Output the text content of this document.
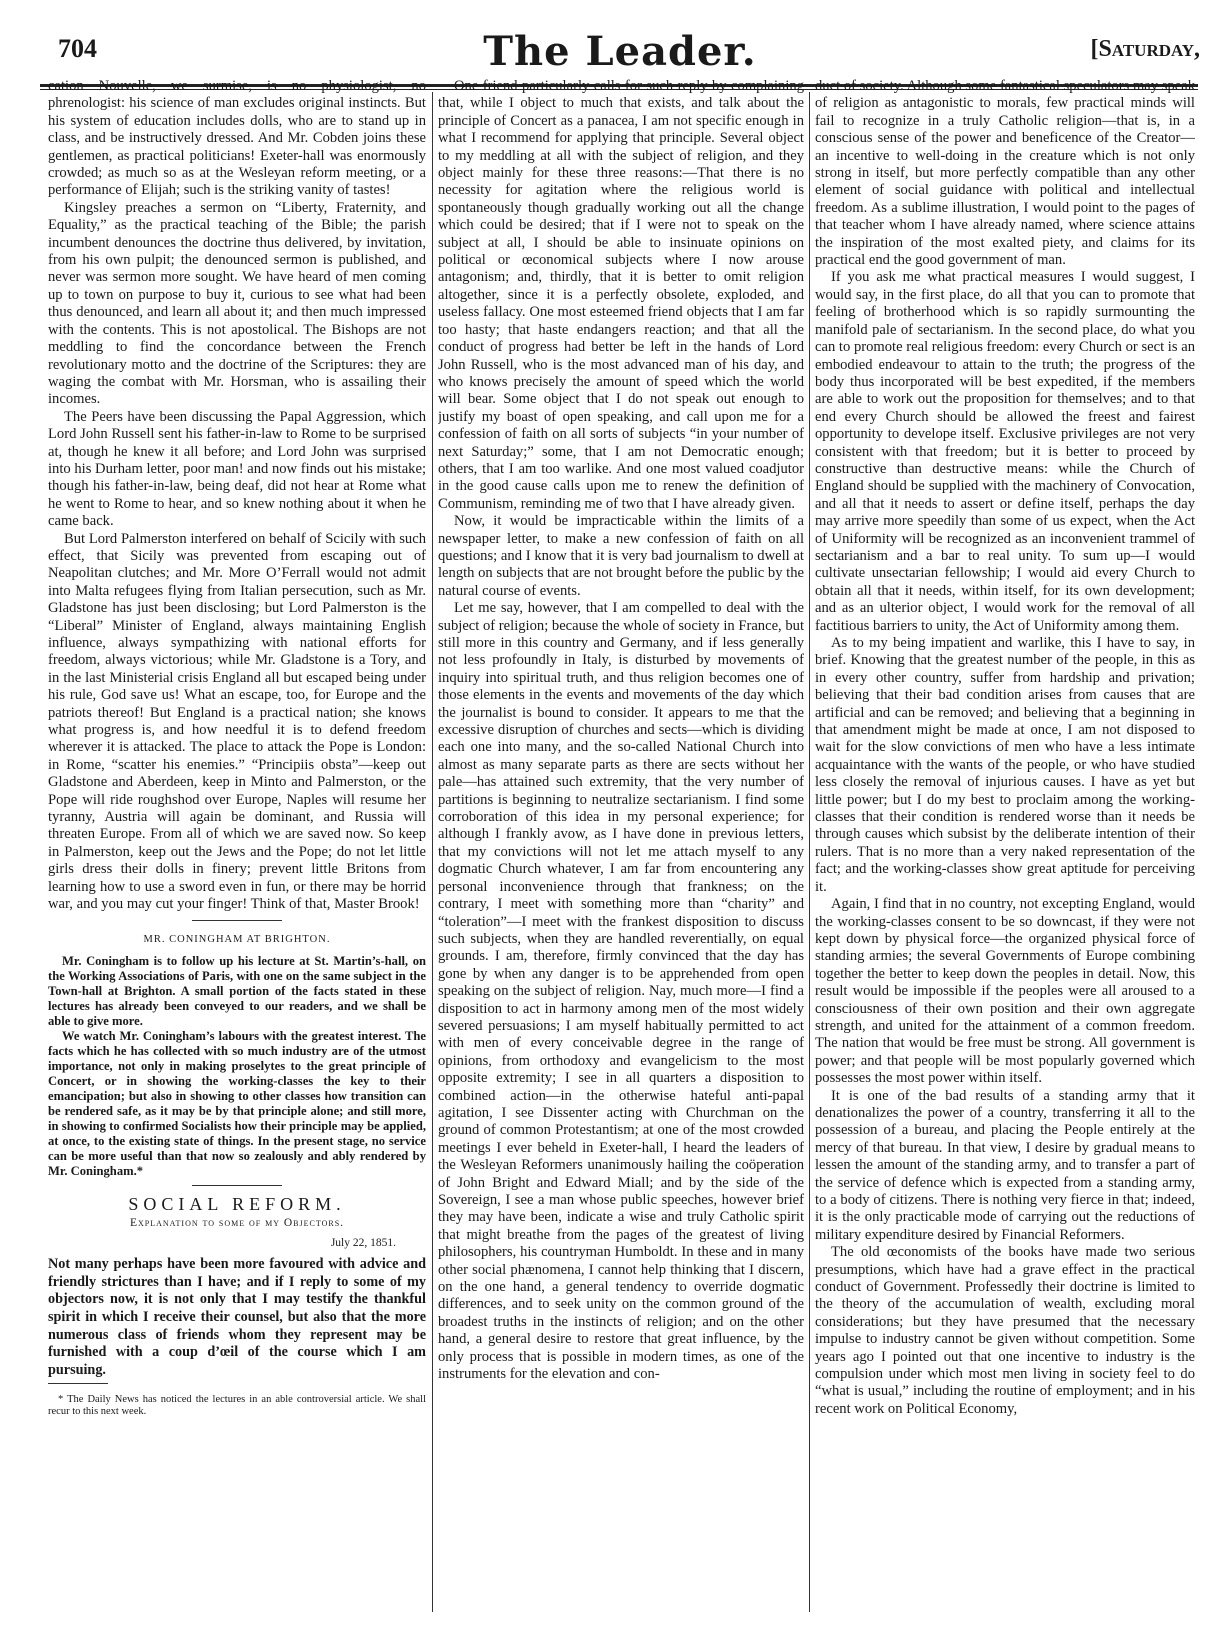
704	The Leader.	[Saturday,

cation Nouvelle, we surmise, is no physiologist, no phrenologist: his science of man excludes original instincts. But his system of education includes dolls, who are to stand up in class, and be instructively dressed. And Mr. Cobden joins these gentlemen, as practical politicians! Exeter-hall was enormously crowded; as much so as at the Wesleyan reform meeting, or a performance of Elijah; such is the striking vanity of tastes!

Kingsley preaches a sermon on “Liberty, Fraternity, and Equality,” as the practical teaching of the Bible; the parish incumbent denounces the doctrine thus delivered, by invitation, from his own pulpit; the denounced sermon is published, and never was sermon more sought. We have heard of men coming up to town on purpose to buy it, curious to see what had been thus denounced, and learn all about it; and then much impressed with the contents. This is not apostolical. The Bishops are not meddling to find the concordance between the French revolutionary motto and the doctrine of the Scriptures: they are waging the combat with Mr. Horsman, who is assailing their incomes.

The Peers have been discussing the Papal Aggression, which Lord John Russell sent his father-in-law to Rome to be surprised at, though he knew it all before; and Lord John was surprised into his Durham letter, poor man! and now finds out his mistake; though his father-in-law, being deaf, did not hear at Rome what he went to Rome to hear, and so knew nothing about it when he came back.

But Lord Palmerston interfered on behalf of Scicily with such effect, that Sicily was prevented from escaping out of Neapolitan clutches; and Mr. More O’Ferrall would not admit into Malta refugees flying from Italian persecution, such as Mr. Gladstone has just been disclosing; but Lord Palmerston is the “Liberal” Minister of England, always maintaining English influence, always sympathizing with national efforts for freedom, always victorious; while Mr. Gladstone is a Tory, and in the last Ministerial crisis England all but escaped being under his rule, God save us! What an escape, too, for Europe and the patriots thereof! But England is a practical nation; she knows what progress is, and how needful it is to defend freedom wherever it is attacked. The place to attack the Pope is London: in Rome, “scatter his enemies.” “Principiis obsta”—keep out Gladstone and Aberdeen, keep in Minto and Palmerston, or the Pope will ride roughshod over Europe, Naples will resume her tyranny, Austria will again be dominant, and Russia will threaten Europe. From all of which we are saved now. So keep in Palmerston, keep out the Jews and the Pope; do not let little girls dress their dolls in finery; prevent little Britons from learning how to use a sword even in fun, or there may be horrid war, and you may cut your finger! Think of that, Master Brook!

MR. CONINGHAM AT BRIGHTON.

Mr. Coningham is to follow up his lecture at St. Martin’s-hall, on the Working Associations of Paris, with one on the same subject in the Town-hall at Brighton. A small portion of the facts stated in these lectures has already been conveyed to our readers, and we shall be able to give more.

We watch Mr. Coningham’s labours with the greatest interest. The facts which he has collected with so much industry are of the utmost importance, not only in making proselytes to the great principle of Concert, or in showing the working-classes the key to their emancipation; but also in showing to other classes how transition can be rendered safe, as it may be by that principle alone; and still more, in showing to confirmed Socialists how their principle may be applied, at once, to the existing state of things. In the present stage, no service can be more useful than that now so zealously and ably rendered by Mr. Coningham.*

SOCIAL REFORM.
Explanation to some of my Objectors.
July 22, 1851.

Not many perhaps have been more favoured with advice and friendly strictures than I have; and if I reply to some of my objectors now, it is not only that I may testify the thankful spirit in which I receive their counsel, but also that the more numerous class of friends whom they represent may be furnished with a coup d’œil of the course which I am pursuing.

* The Daily News has noticed the lectures in an able controversial article. We shall recur to this next week.

One friend particularly calls for such reply by complaining that, while I object to much that exists, and talk about the principle of Concert as a panacea, I am not specific enough in what I recommend for applying that principle. Several object to my meddling at all with the subject of religion, and they object mainly for these three reasons:—That there is no necessity for agitation where the religious world is spontaneously though gradually working out all the change which could be desired; that if I were not to speak on the subject at all, I should be able to insinuate opinions on political or œconomical subjects where I now arouse antagonism; and, thirdly, that it is better to omit religion altogether, since it is a perfectly obsolete, exploded, and useless fallacy. One most esteemed friend objects that I am far too hasty; that haste endangers reaction; and that all the conduct of progress had better be left in the hands of Lord John Russell, who is the most advanced man of his day, and who knows precisely the amount of speed which the world will bear. Some object that I do not speak out enough to justify my boast of open speaking, and call upon me for a confession of faith on all sorts of subjects “in your number of next Saturday;” some, that I am not Democratic enough; others, that I am too warlike. And one most valued coadjutor in the good cause calls upon me to renew the definition of Communism, reminding me of two that I have already given.

Now, it would be impracticable within the limits of a newspaper letter, to make a new confession of faith on all questions; and I know that it is very bad journalism to dwell at length on subjects that are not brought before the public by the natural course of events.

Let me say, however, that I am compelled to deal with the subject of religion; because the whole of society in France, but still more in this country and Germany, and if less generally not less profoundly in Italy, is disturbed by movements of inquiry into spiritual truth, and thus religion becomes one of those elements in the events and movements of the day which the journalist is bound to consider. It appears to me that the excessive disruption of churches and sects—which is dividing each one into many, and the so-called National Church into almost as many separate parts as there are sects without her pale—has attained such extremity, that the very number of partitions is beginning to neutralize sectarianism. I find some corroboration of this idea in my personal experience; for although I frankly avow, as I have done in previous letters, that my convictions will not let me attach myself to any dogmatic Church whatever, I am far from encountering any personal inconvenience through that frankness; on the contrary, I meet with something more than “charity” and “toleration”—I meet with the frankest disposition to discuss such subjects, when they are handled reverentially, on equal grounds. I am, therefore, firmly convinced that the day has gone by when any danger is to be apprehended from open speaking on the subject of religion. Nay, much more—I find a disposition to act in harmony among men of the most widely severed persuasions; I am myself habitually permitted to act with men of every conceivable degree in the range of opinions, from orthodoxy and evangelicism to the most opposite extremity; I see in all quarters a disposition to combined action—in the otherwise hateful anti-papal agitation, I see Dissenter acting with Churchman on the ground of common Protestantism; at one of the most crowded meetings I ever beheld in Exeter-hall, I heard the leaders of the Wesleyan Reformers unanimously hailing the coöperation of John Bright and Edward Miall; and by the side of the Sovereign, I see a man whose public speeches, however brief they may have been, indicate a wise and truly Catholic spirit that might breathe from the pages of the greatest of living philosophers, his countryman Humboldt. In these and in many other social phænomena, I cannot help thinking that I discern, on the one hand, a general tendency to override dogmatic differences, and to seek unity on the common ground of the broadest truths in the instincts of religion; and on the other hand, a general desire to restore that great influence, by the only process that is possible in modern times, as one of the instruments for the elevation and con-

duct of society. Although some fantastical speculators may speak of religion as antagonistic to morals, few practical minds will fail to recognize in a truly Catholic religion—that is, in a conscious sense of the power and beneficence of the Creator—an incentive to well-doing in the creature which is not only strong in itself, but more perfectly compatible than any other element of social guidance with political and intellectual freedom. As a sublime illustration, I would point to the pages of that teacher whom I have already named, where science attains the inspiration of the most exalted piety, and claims for its practical end the good government of man.

If you ask me what practical measures I would suggest, I would say, in the first place, do all that you can to promote that feeling of brotherhood which is so rapidly surmounting the manifold pale of sectarianism. In the second place, do what you can to promote real religious freedom: every Church or sect is an embodied endeavour to attain to the truth; the progress of the body thus incorporated will be best expedited, if the members are able to work out the proposition for themselves; and to that end every Church should be allowed the freest and fairest opportunity to develope itself. Exclusive privileges are not very consistent with that freedom; but it is better to proceed by constructive than destructive means: while the Church of England should be supplied with the machinery of Convocation, and all that it needs to assert or define itself, perhaps the day may arrive more speedily than some of us expect, when the Act of Uniformity will be recognized as an inconvenient trammel of sectarianism and a bar to real unity. To sum up—I would cultivate unsectarian fellowship; I would aid every Church to obtain all that it needs, within itself, for its own development; and as an ulterior object, I would work for the removal of all factitious barriers to unity, the Act of Uniformity among them.

As to my being impatient and warlike, this I have to say, in brief. Knowing that the greatest number of the people, in this as in every other country, suffer from hardship and privation; believing that their bad condition arises from causes that are artificial and can be removed; and believing that a beginning in that amendment might be made at once, I am not disposed to wait for the slow convictions of men who have a less intimate acquaintance with the wants of the people, or who have studied less closely the removal of injurious causes. I have as yet but little power; but I do my best to proclaim among the working-classes that their condition is rendered worse than it needs be through causes which subsist by the deliberate intention of their rulers. That is no more than a very naked representation of the fact; and the working-classes show great aptitude for perceiving it.

Again, I find that in no country, not excepting England, would the working-classes consent to be so downcast, if they were not kept down by physical force—the organized physical force of standing armies; the several Governments of Europe combining together the better to keep down the peoples in detail. Now, this result would be impossible if the peoples were all aroused to a consciousness of their own position and their own aggregate strength, and united for the attainment of a common freedom. The nation that would be free must be strong. All government is power; and that people will be most popularly governed which possesses the most power within itself.

It is one of the bad results of a standing army that it denationalizes the power of a country, transferring it all to the possession of a bureau, and placing the People entirely at the mercy of that bureau. In that view, I desire by gradual means to lessen the amount of the standing army, and to transfer a part of the service of defence which is expected from a standing army, to a body of citizens. There is nothing very fierce in that; indeed, it is the only practicable mode of carrying out the reductions of military expenditure desired by Financial Reformers.

The old œconomists of the books have made two serious presumptions, which have had a grave effect in the practical conduct of Government. Professedly their doctrine is limited to the theory of the accumulation of wealth, excluding moral considerations; but they have presumed that the necessary impulse to industry cannot be given without competition. Some years ago I pointed out that one incentive to industry is the compulsion under which most men living in society feel to do “what is usual,” including the routine of employment; and in his recent work on Political Economy,
